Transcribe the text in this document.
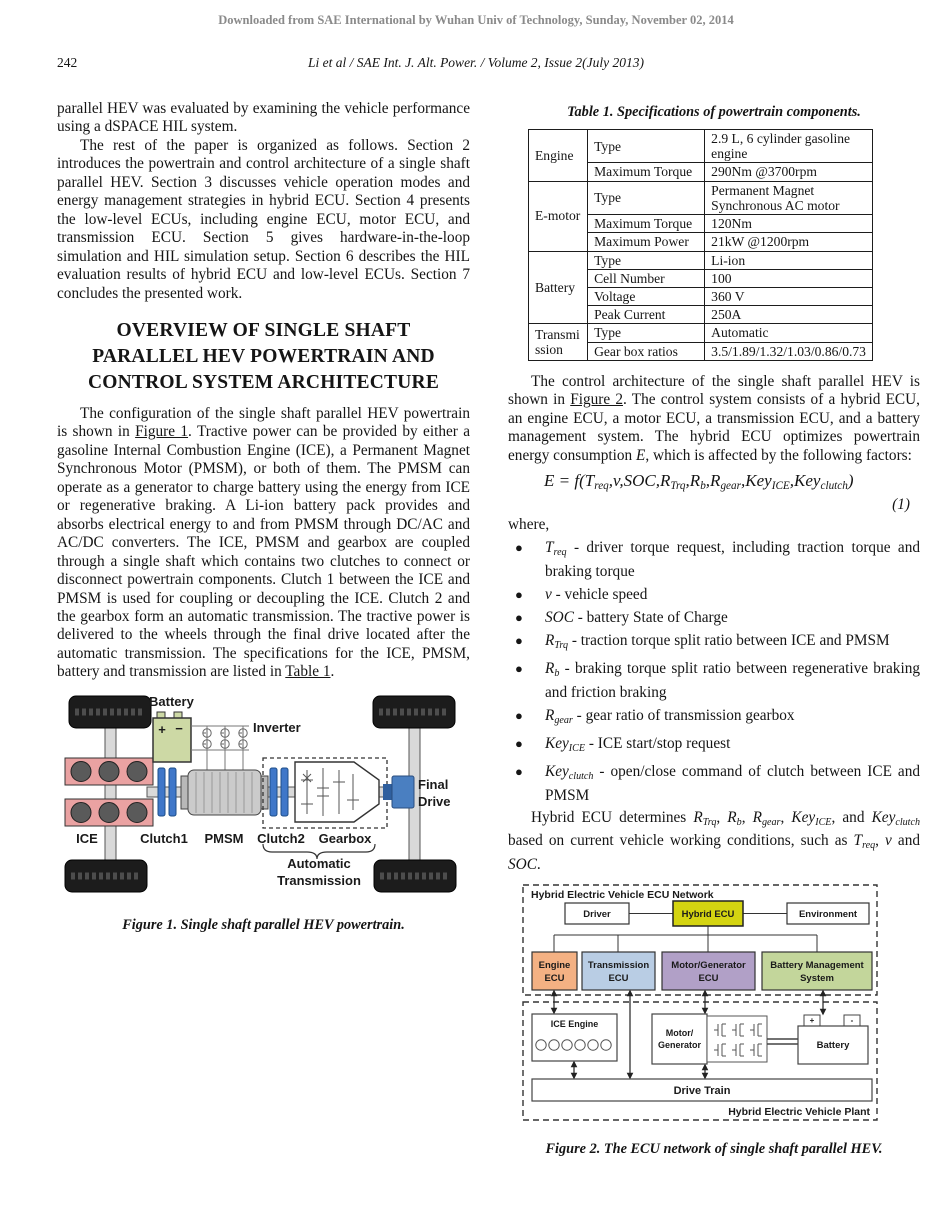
Downloaded from SAE International by Wuhan Univ of Technology, Sunday, November 02, 2014
242	Li et al / SAE Int. J. Alt. Power. / Volume 2, Issue 2(July 2013)

parallel HEV was evaluated by examining the vehicle performance using a dSPACE HIL system.

The rest of the paper is organized as follows. Section 2 introduces the powertrain and control architecture of a single shaft parallel HEV. Section 3 discusses vehicle operation modes and energy management strategies in hybrid ECU. Section 4 presents the low-level ECUs, including engine ECU, motor ECU, and transmission ECU. Section 5 gives hardware-in-the-loop simulation and HIL simulation setup. Section 6 describes the HIL evaluation results of hybrid ECU and low-level ECUs. Section 7 concludes the presented work.

OVERVIEW OF SINGLE SHAFT PARALLEL HEV POWERTRAIN AND CONTROL SYSTEM ARCHITECTURE

The configuration of the single shaft parallel HEV powertrain is shown in Figure 1. Tractive power can be provided by either a gasoline Internal Combustion Engine (ICE), a Permanent Magnet Synchronous Motor (PMSM), or both of them. The PMSM can operate as a generator to charge battery using the energy from ICE or regenerative braking. A Li-ion battery pack provides and absorbs electrical energy to and from PMSM through DC/AC and AC/DC converters. The ICE, PMSM and gearbox are coupled through a single shaft which contains two clutches to connect or disconnect powertrain components. Clutch 1 between the ICE and PMSM is used for coupling or decoupling the ICE. Clutch 2 and the gearbox form an automatic transmission. The tractive power is delivered to the wheels through the final drive located after the automatic transmission. The specifications for the ICE, PMSM, battery and transmission are listed in Table 1.

+ −
Battery
Inverter
ICE	Clutch1 PMSM Clutch2 Gearbox
Final
Drive
Automatic
Transmission
Figure 1. Single shaft parallel HEV powertrain.
Table 1. Specifications of powertrain components.
Engine	Type	2.9 L, 6 cylinder gasoline engine
	Maximum Torque	290Nm @3700rpm
E-motor	Type	Permanent Magnet Synchronous AC motor
	Maximum Torque	120Nm
	Maximum Power	21kW @1200rpm
Battery	Type	Li-ion
	Cell Number	100
	Voltage	360 V
	Peak Current	250A
Transmission	Type	Automatic
	Gear box ratios	3.5/1.89/1.32/1.03/0.86/0.73

The control architecture of the single shaft parallel HEV is shown in Figure 2. The control system consists of a hybrid ECU, an engine ECU, a motor ECU, a transmission ECU, and a battery management system. The hybrid ECU optimizes powertrain energy consumption E, which is affected by the following factors:

E = f(Treq,v,SOC,RTrq,Rb,Rgear,KeyICE,Keyclutch)
(1)

where,

● Treq - driver torque request, including traction torque and braking torque
● v - vehicle speed
● SOC - battery State of Charge
● RTrq - traction torque split ratio between ICE and PMSM
● Rb - braking torque split ratio between regenerative braking and friction braking
● Rgear - gear ratio of transmission gearbox
● KeyICE - ICE start/stop request
● Keyclutch - open/close command of clutch between ICE and PMSM

Hybrid ECU determines RTrq, Rb, Rgear, KeyICE, and Keyclutch based on current vehicle working conditions, such as Treq, v and SOC.

Hybrid Electric Vehicle ECU Network
Driver	Hybrid ECU	Environment
Engine
ECU
Transmission
ECU
Motor/Generator
ECU
Battery Management
System
ICE Engine
Motor/
Generator
+	-
Battery
Drive Train
Hybrid Electric Vehicle Plant
Figure 2. The ECU network of single shaft parallel HEV.
